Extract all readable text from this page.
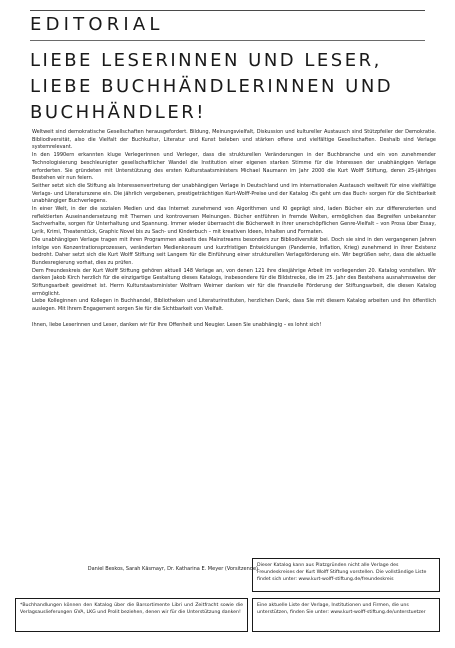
EDITORIAL
LIEBE LESERINNEN UND LESER,
LIEBE BUCHHÄNDLERINNEN UND
BUCHHÄNDLER!

Weltweit sind demokratische Gesellschaften herausgefordert. Bildung, Meinungsvielfalt, Diskussion und kultureller Austausch sind Stützpfeiler der Demokratie. Bibliodiversität, also die Vielfalt der Buchkultur, Literatur und Kunst beleben und stärken offene und vielfältige Gesellschaften. Deshalb sind Verlage systemrelevant.

In den 1990ern erkannten kluge Verlegerinnen und Verleger, dass die strukturellen Veränderungen in der Buchbranche und ein von zunehmender Technologisierung beschleunigter gesellschaftlicher Wandel die Institution einer eigenen starken Stimme für die Interessen der unabhängigen Verlage erforderten. Sie gründeten mit Unterstützung des ersten Kulturstaatsministers Michael Naumann im Jahr 2000 die Kurt Wolff Stiftung, deren 25-jähriges Bestehen wir nun feiern.

Seither setzt sich die Stiftung als Interessenvertretung der unabhängigen Verlage in Deutschland und im internationalen Austausch weltweit für eine vielfältige Verlags- und Literaturszene ein. Die jährlich vergebenen, prestigeträchtigen Kurt-Wolff-Preise und der Katalog ›Es geht um das Buch‹ sorgen für die Sichtbarkeit unabhängiger Buchverlegens.

In einer Welt, in der die sozialen Medien und das Internet zunehmend von Algorithmen und KI geprägt sind, laden Bücher ein zur differenzierten und reflektierten Auseinandersetzung mit Themen und kontroversen Meinungen. Bücher entführen in fremde Welten, ermöglichen das Begreifen unbekannter Sachverhalte, sorgen für Unterhaltung und Spannung. Immer wieder überrascht die Bücherwelt in ihrer unerschöpflichen Genre-Vielfalt – von Prosa über Essay, Lyrik, Krimi, Theaterstück, Graphic Novel bis zu Sach- und Kinderbuch – mit kreativen Ideen, Inhalten und Formaten.

Die unabhängigen Verlage tragen mit ihren Programmen abseits des Mainstreams besonders zur Bibliodiversität bei. Doch sie sind in den vergangenen Jahren infolge von Konzentrationsprozessen, veränderten Medienkonsum und kurzfristigen Entwicklungen (Pandemie, Inflation, Krieg) zunehmend in ihrer Existenz bedroht. Daher setzt sich die Kurt Wolff Stiftung seit Langem für die Einführung einer strukturellen Verlagsförderung ein. Wir begrüßen sehr, dass die aktuelle Bundesregierung vorhat, dies zu prüfen.

Dem Freundeskreis der Kurt Wolff Stiftung gehören aktuell 148 Verlage an, von denen 121 ihre diesjährige Arbeit im vorliegenden 20. Katalog vorstellen. Wir danken Jakob Kirch herzlich für die einzigartige Gestaltung dieses Katalogs, insbesondere für die Bildstrecke, die im 25. Jahr des Bestehens ausnahmsweise der Stiftungsarbeit gewidmet ist. Herrn Kulturstaatsminister Wolfram Weimer danken wir für die finanzielle Förderung der Stiftungsarbeit, die diesen Katalog ermöglicht.

Liebe Kolleginnen und Kollegen in Buchhandel, Bibliotheken und Literaturinstituten, herzlichen Dank, dass Sie mit diesem Katalog arbeiten und ihn öffentlich auslegen. Mit Ihrem Engagement sorgen Sie für die Sichtbarkeit von Vielfalt.

Ihnen, liebe Leserinnen und Leser, danken wir für Ihre Offenheit und Neugier. Lesen Sie unabhängig – es lohnt sich!

Daniel Beskos, Sarah Kāsmayr, Dr. Katharina E. Meyer (Vorsitzende)

Dieser Katalog kann aus Platzgründen nicht alle Verlage des Freundeskreises der Kurt Wolff Stiftung vorstellen. Die vollständige Liste findet sich unter: www.kurt-wolff-stiftung.de/freundeskreis

*Buchhandlungen können den Katalog über die Barsortimente Libri und Zeitfracht sowie die Verlagsauslieferungen GVA, LKG und Prolit beziehen, denen wir für die Unterstützung danken!

Eine aktuelle Liste der Verlage, Institutionen und Firmen, die uns unterstützen, finden Sie unter: www.kurt-wolff-stiftung.de/unterstuetzer
